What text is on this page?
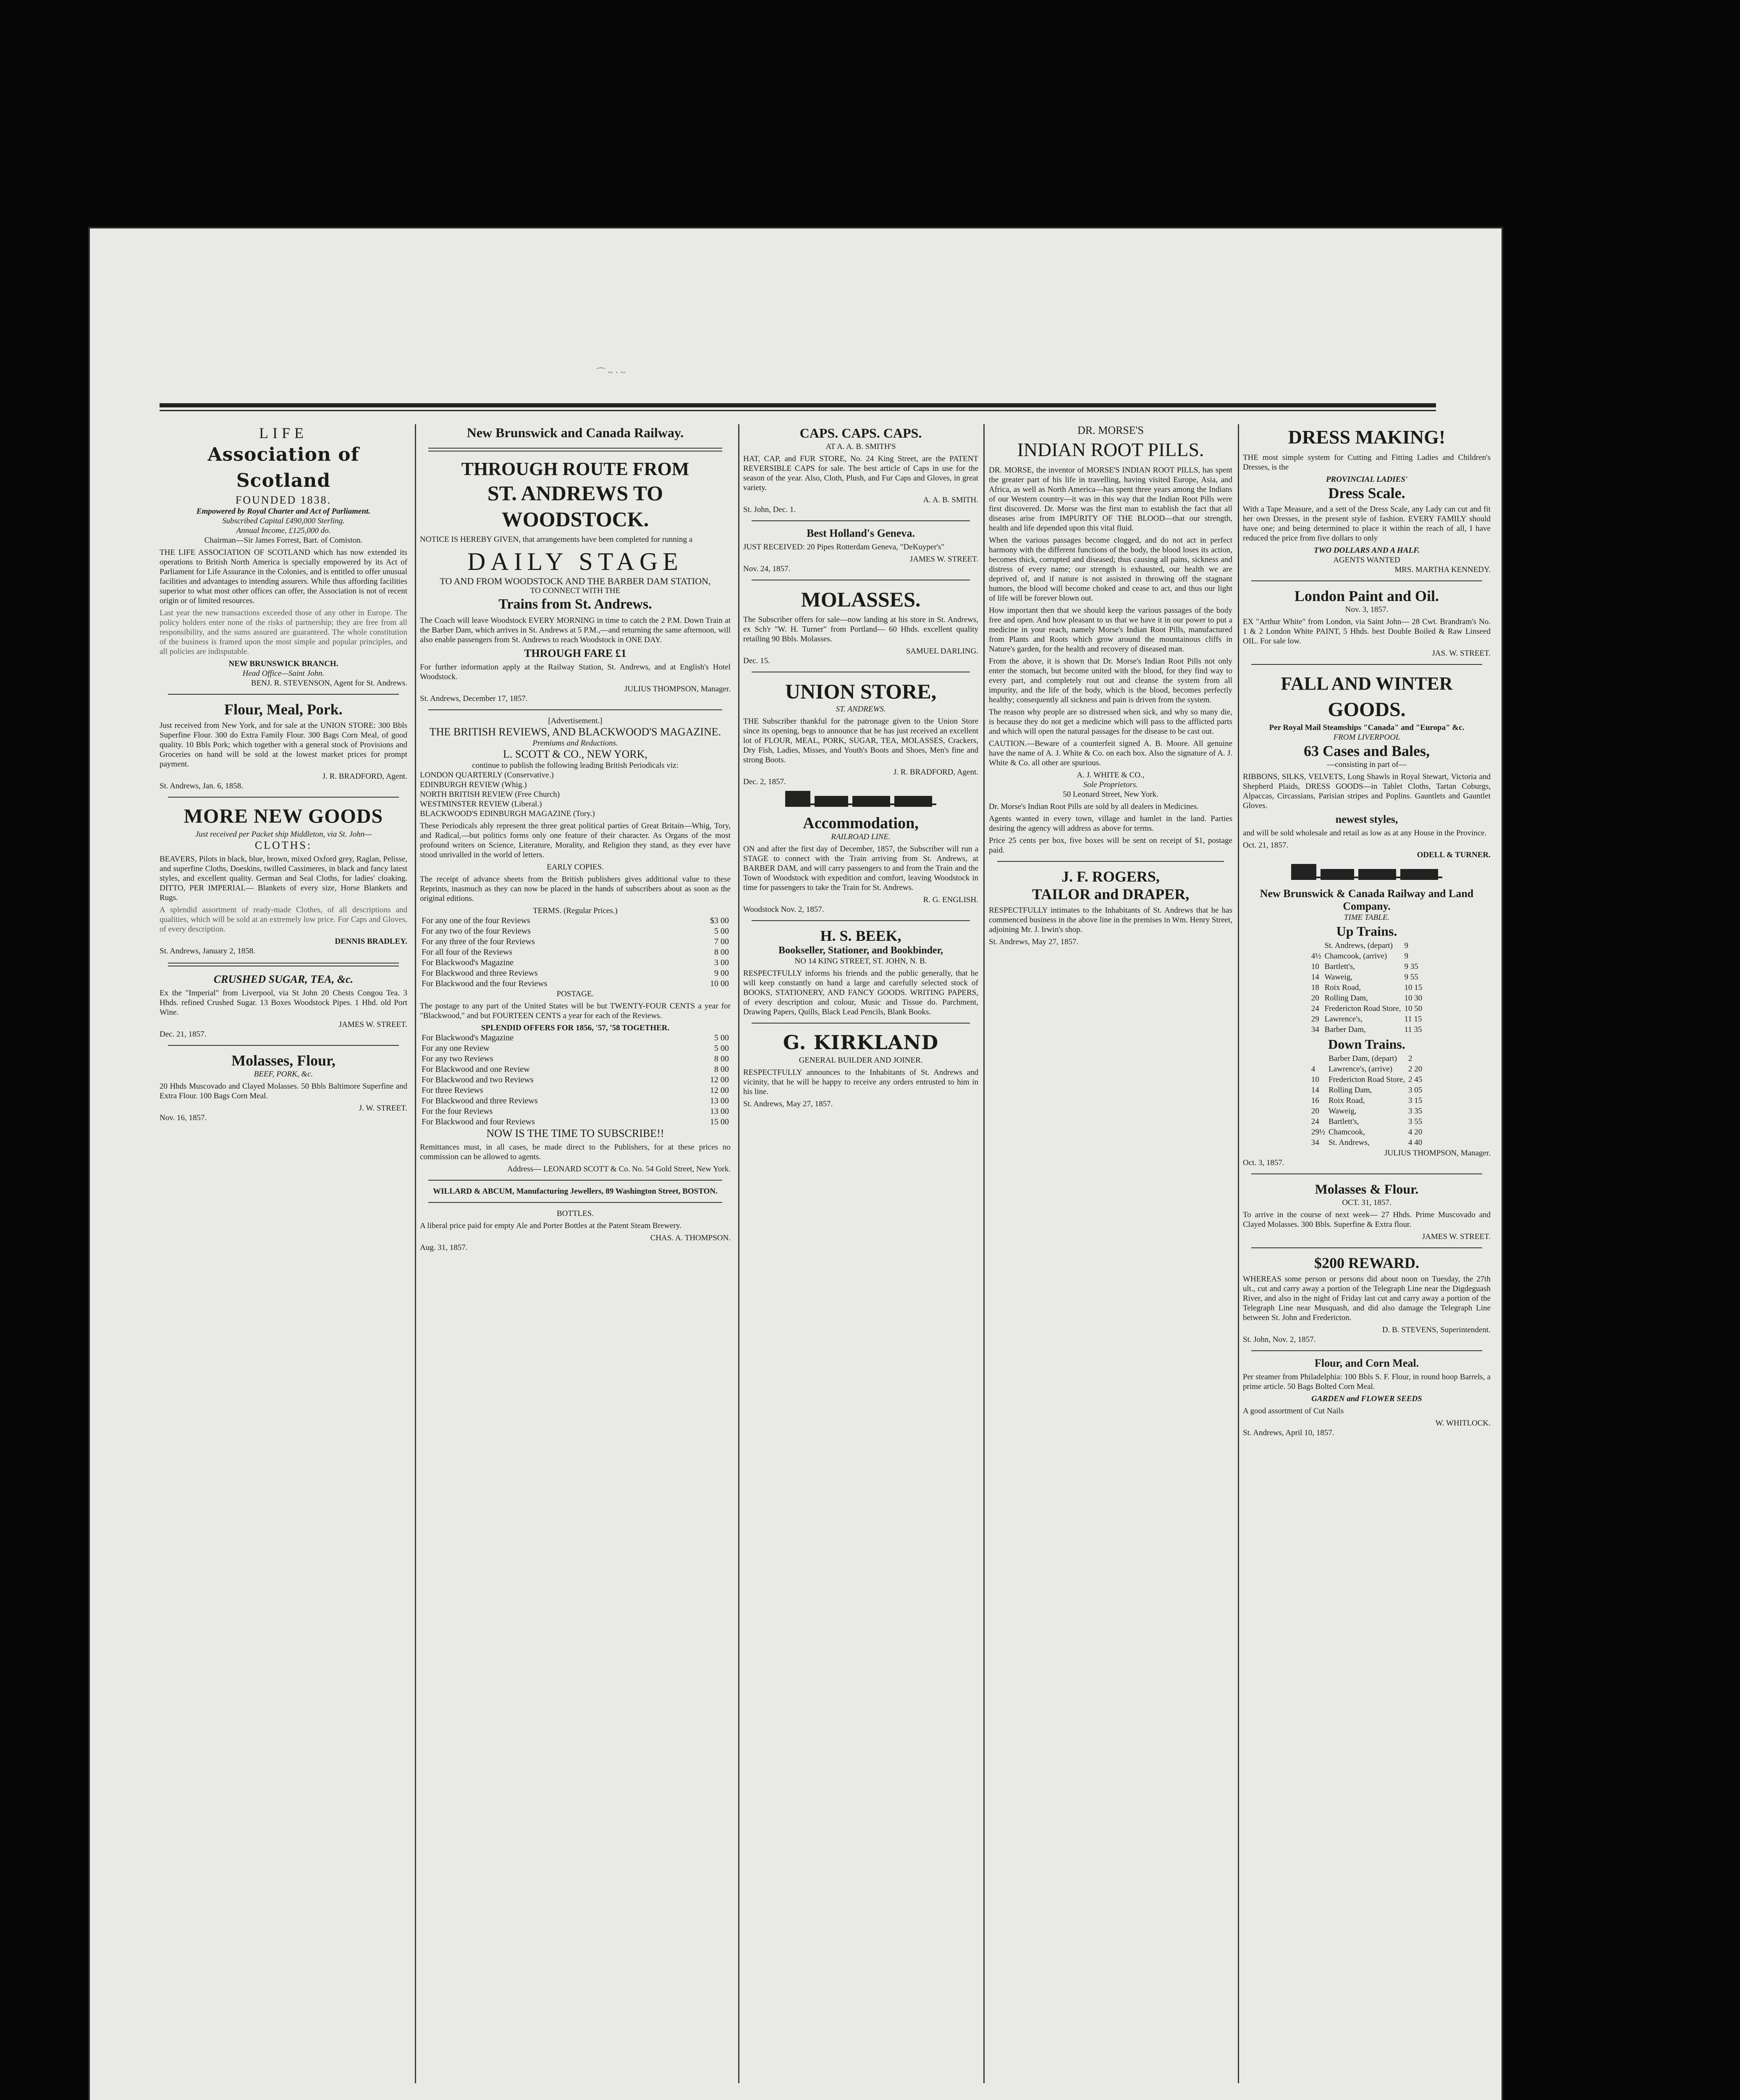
⌒ ~ · ~
LIFE
Association of Scotland
FOUNDED 1838.
Empowered by Royal Charter and Act of Parliament.
Subscribed Capital £490,000 Sterling.
Annual Income, £125,000 do.
Chairman—Sir James Forrest, Bart. of Comiston.

THE LIFE ASSOCIATION OF SCOTLAND which has now extended its operations to British North America is specially empowered by its Act of Parliament for Life Assurance in the Colonies, and is entitled to offer unusual facilities and advantages to intending assurers. While thus affording facilities superior to what most other offices can offer, the Association is not of recent origin or of limited resources.

Last year the new transactions exceeded those of any other in Europe. The policy holders enter none of the risks of partnership; they are free from all responsibility, and the sums assured are guaranteed. The whole constitution of the business is framed upon the most simple and popular principles, and all policies are indisputable.

NEW BRUNSWICK BRANCH.
Head Office—Saint John.
BENJ. R. STEVENSON, Agent for St. Andrews.
Flour, Meal, Pork.

Just received from New York, and for sale at the UNION STORE: 300 Bbls Superfine Flour. 300 do Extra Family Flour. 300 Bags Corn Meal, of good quality. 10 Bbls Pork; which together with a general stock of Provisions and Groceries on hand will be sold at the lowest market prices for prompt payment.

J. R. BRADFORD, Agent.
St. Andrews, Jan. 6, 1858.
MORE NEW GOODS
Just received per Packet ship Middleton, via St. John—
CLOTHS:

BEAVERS, Pilots in black, blue, brown, mixed Oxford grey, Raglan, Pelisse, and superfine Cloths, Doeskins, twilled Cassimeres, in black and fancy latest styles, and excellent quality. German and Seal Cloths, for ladies' cloaking. DITTO, PER IMPERIAL— Blankets of every size, Horse Blankets and Rugs.

A splendid assortment of ready-made Clothes, of all descriptions and qualities, which will be sold at an extremely low price. For Caps and Gloves, of every description.

DENNIS BRADLEY.
St. Andrews, January 2, 1858.
CRUSHED SUGAR, TEA, &c.

Ex the "Imperial" from Liverpool, via St John 20 Chests Congou Tea. 3 Hhds. refined Crushed Sugar. 13 Boxes Woodstock Pipes. 1 Hhd. old Port Wine.

JAMES W. STREET.
Dec. 21, 1857.
Molasses, Flour,
BEEF, PORK, &c.

20 Hhds Muscovado and Clayed Molasses. 50 Bbls Baltimore Superfine and Extra Flour. 100 Bags Corn Meal.

J. W. STREET.
Nov. 16, 1857.
New Brunswick and Canada Railway.
THROUGH ROUTE FROM
ST. ANDREWS TO WOODSTOCK.

NOTICE IS HEREBY GIVEN, that arrangements have been completed for running a

DAILY STAGE
TO AND FROM WOODSTOCK AND THE BARBER DAM STATION,
TO CONNECT WITH THE
Trains from St. Andrews.

The Coach will leave Woodstock EVERY MORNING in time to catch the 2 P.M. Down Train at the Barber Dam, which arrives in St. Andrews at 5 P.M.,—and returning the same afternoon, will also enable passengers from St. Andrews to reach Woodstock in ONE DAY.

THROUGH FARE £1

For further information apply at the Railway Station, St. Andrews, and at English's Hotel Woodstock.

JULIUS THOMPSON, Manager.
St. Andrews, December 17, 1857.
[Advertisement.]
THE BRITISH REVIEWS, AND BLACKWOOD'S MAGAZINE.
Premiums and Reductions.
L. SCOTT & CO., NEW YORK,
continue to publish the following leading British Periodicals viz:
LONDON QUARTERLY (Conservative.)
EDINBURGH REVIEW (Whig.)
NORTH BRITISH REVIEW (Free Church)
WESTMINSTER REVIEW (Liberal.)
BLACKWOOD'S EDINBURGH MAGAZINE (Tory.)

These Periodicals ably represent the three great political parties of Great Britain—Whig, Tory, and Radical,—but politics forms only one feature of their character. As Organs of the most profound writers on Science, Literature, Morality, and Religion they stand, as they ever have stood unrivalled in the world of letters.

EARLY COPIES.

The receipt of advance sheets from the British publishers gives additional value to these Reprints, inasmuch as they can now be placed in the hands of subscribers about as soon as the original editions.

TERMS. (Regular Prices.)
For any one of the four Reviews	$3 00
For any two of the four Reviews	5 00
For any three of the four Reviews	7 00
For all four of the Reviews	8 00
For Blackwood's Magazine	3 00
For Blackwood and three Reviews	9 00
For Blackwood and the four Reviews	10 00
POSTAGE.

The postage to any part of the United States will be but TWENTY-FOUR CENTS a year for "Blackwood," and but FOURTEEN CENTS a year for each of the Reviews.

SPLENDID OFFERS FOR 1856, '57, '58 TOGETHER.
For Blackwood's Magazine	5 00
For any one Review	5 00
For any two Reviews	8 00
For Blackwood and one Review	8 00
For Blackwood and two Reviews	12 00
For three Reviews	12 00
For Blackwood and three Reviews	13 00
For the four Reviews	13 00
For Blackwood and four Reviews	15 00
NOW IS THE TIME TO SUBSCRIBE!!

Remittances must, in all cases, be made direct to the Publishers, for at these prices no commission can be allowed to agents.

Address— LEONARD SCOTT & Co. No. 54 Gold Street, New York.
WILLARD & ABCUM, Manufacturing Jewellers, 89 Washington Street, BOSTON.
BOTTLES.

A liberal price paid for empty Ale and Porter Bottles at the Patent Steam Brewery.

CHAS. A. THOMPSON.
Aug. 31, 1857.
CAPS. CAPS. CAPS.
AT A. A. B. SMITH'S

HAT, CAP, and FUR STORE, No. 24 King Street, are the PATENT REVERSIBLE CAPS for sale. The best article of Caps in use for the season of the year. Also, Cloth, Plush, and Fur Caps and Gloves, in great variety.

A. A. B. SMITH.
St. John, Dec. 1.
Best Holland's Geneva.

JUST RECEIVED: 20 Pipes Rotterdam Geneva, "DeKuyper's"

JAMES W. STREET.
Nov. 24, 1857.
MOLASSES.

The Subscriber offers for sale—now landing at his store in St. Andrews, ex Sch'r "W. H. Turner" from Portland— 60 Hhds. excellent quality retailing 90 Bbls. Molasses.

SAMUEL DARLING.
Dec. 15.
UNION STORE,
ST. ANDREWS.

THE Subscriber thankful for the patronage given to the Union Store since its opening, begs to announce that he has just received an excellent lot of FLOUR, MEAL, PORK, SUGAR, TEA, MOLASSES, Crackers, Dry Fish, Ladies, Misses, and Youth's Boots and Shoes, Men's fine and strong Boots.

J. R. BRADFORD, Agent.
Dec. 2, 1857.
Accommodation,
RAILROAD LINE.

ON and after the first day of December, 1857, the Subscriber will run a STAGE to connect with the Train arriving from St. Andrews, at BARBER DAM, and will carry passengers to and from the Train and the Town of Woodstock with expedition and comfort, leaving Woodstock in time for passengers to take the Train for St. Andrews.

R. G. ENGLISH.
Woodstock Nov. 2, 1857.
H. S. BEEK,
Bookseller, Stationer, and Bookbinder,
NO 14 KING STREET, ST. JOHN, N. B.

RESPECTFULLY informs his friends and the public generally, that he will keep constantly on hand a large and carefully selected stock of BOOKS, STATIONERY, AND FANCY GOODS. WRITING PAPERS, of every description and colour, Music and Tissue do. Parchment, Drawing Papers, Quills, Black Lead Pencils, Blank Books.

G. KIRKLAND
GENERAL BUILDER AND JOINER.

RESPECTFULLY announces to the Inhabitants of St. Andrews and vicinity, that he will be happy to receive any orders entrusted to him in his line.

St. Andrews, May 27, 1857.
DR. MORSE'S
INDIAN ROOT PILLS.

DR. MORSE, the inventor of MORSE'S INDIAN ROOT PILLS, has spent the greater part of his life in travelling, having visited Europe, Asia, and Africa, as well as North America—has spent three years among the Indians of our Western country—it was in this way that the Indian Root Pills were first discovered. Dr. Morse was the first man to establish the fact that all diseases arise from IMPURITY OF THE BLOOD—that our strength, health and life depended upon this vital fluid.

When the various passages become clogged, and do not act in perfect harmony with the different functions of the body, the blood loses its action, becomes thick, corrupted and diseased; thus causing all pains, sickness and distress of every name; our strength is exhausted, our health we are deprived of, and if nature is not assisted in throwing off the stagnant humors, the blood will become choked and cease to act, and thus our light of life will be forever blown out.

How important then that we should keep the various passages of the body free and open. And how pleasant to us that we have it in our power to put a medicine in your reach, namely Morse's Indian Root Pills, manufactured from Plants and Roots which grow around the mountainous cliffs in Nature's garden, for the health and recovery of diseased man.

From the above, it is shown that Dr. Morse's Indian Root Pills not only enter the stomach, but become united with the blood, for they find way to every part, and completely rout out and cleanse the system from all impurity, and the life of the body, which is the blood, becomes perfectly healthy; consequently all sickness and pain is driven from the system.

The reason why people are so distressed when sick, and why so many die, is because they do not get a medicine which will pass to the afflicted parts and which will open the natural passages for the disease to be cast out.

CAUTION.—Beware of a counterfeit signed A. B. Moore. All genuine have the name of A. J. White & Co. on each box. Also the signature of A. J. White & Co. all other are spurious.

A. J. WHITE & CO.,
Sole Proprietors.
50 Leonard Street, New York.

Dr. Morse's Indian Root Pills are sold by all dealers in Medicines.

Agents wanted in every town, village and hamlet in the land. Parties desiring the agency will address as above for terms.

Price 25 cents per box, five boxes will be sent on receipt of $1, postage paid.

J. F. ROGERS,
TAILOR and DRAPER,

RESPECTFULLY intimates to the Inhabitants of St. Andrews that he has commenced business in the above line in the premises in Wm. Henry Street, adjoining Mr. J. Irwin's shop.

St. Andrews, May 27, 1857.
DRESS MAKING!

THE most simple system for Cutting and Fitting Ladies and Children's Dresses, is the

PROVINCIAL LADIES'
Dress Scale.

With a Tape Measure, and a sett of the Dress Scale, any Lady can cut and fit her own Dresses, in the present style of fashion. EVERY FAMILY should have one; and being determined to place it within the reach of all, I have reduced the price from five dollars to only

TWO DOLLARS AND A HALF.
AGENTS WANTED
MRS. MARTHA KENNEDY.
London Paint and Oil.
Nov. 3, 1857.

EX "Arthur White" from London, via Saint John— 28 Cwt. Brandram's No. 1 & 2 London White PAINT, 5 Hhds. best Double Boiled & Raw Linseed OIL. For sale low.

JAS. W. STREET.
FALL AND WINTER
GOODS.
Per Royal Mail Steamships "Canada" and "Europa" &c.
FROM LIVERPOOL
63 Cases and Bales,
—consisting in part of—

RIBBONS, SILKS, VELVETS, Long Shawls in Royal Stewart, Victoria and Shepherd Plaids, DRESS GOODS—in Tablet Cloths, Tartan Coburgs, Alpaccas, Circassians, Parisian stripes and Poplins. Gauntlets and Gauntlet Gloves.

newest styles,

and will be sold wholesale and retail as low as at any House in the Province.

Oct. 21, 1857.
ODELL & TURNER.
New Brunswick & Canada Railway and Land Company.
TIME TABLE.
Up Trains.
	St. Andrews, (depart)	9
4½	Chamcook, (arrive)	9
10	Bartlett's,	9 35
14	Waweig,	9 55
18	Roix Road,	10 15
20	Rolling Dam,	10 30
24	Fredericton Road Store,	10 50
29	Lawrence's,	11 15
34	Barber Dam,	11 35
Down Trains.
	Barber Dam, (depart)	2
4	Lawrence's, (arrive)	2 20
10	Fredericton Road Store,	2 45
14	Rolling Dam,	3 05
16	Roix Road,	3 15
20	Waweig,	3 35
24	Bartlett's,	3 55
29½	Chamcook,	4 20
34	St. Andrews,	4 40
JULIUS THOMPSON, Manager.
Oct. 3, 1857.
Molasses & Flour.
OCT. 31, 1857.

To arrive in the course of next week— 27 Hhds. Prime Muscovado and Clayed Molasses. 300 Bbls. Superfine & Extra flour.

JAMES W. STREET.
$200 REWARD.

WHEREAS some person or persons did about noon on Tuesday, the 27th ult., cut and carry away a portion of the Telegraph Line near the Digdeguash River, and also in the night of Friday last cut and carry away a portion of the Telegraph Line near Musquash, and did also damage the Telegraph Line between St. John and Fredericton.

D. B. STEVENS, Superintendent.
St. John, Nov. 2, 1857.
Flour, and Corn Meal.

Per steamer from Philadelphia: 100 Bbls S. F. Flour, in round hoop Barrels, a prime article. 50 Bags Bolted Corn Meal.

GARDEN and FLOWER SEEDS

A good assortment of Cut Nails

W. WHITLOCK.
St. Andrews, April 10, 1857.
